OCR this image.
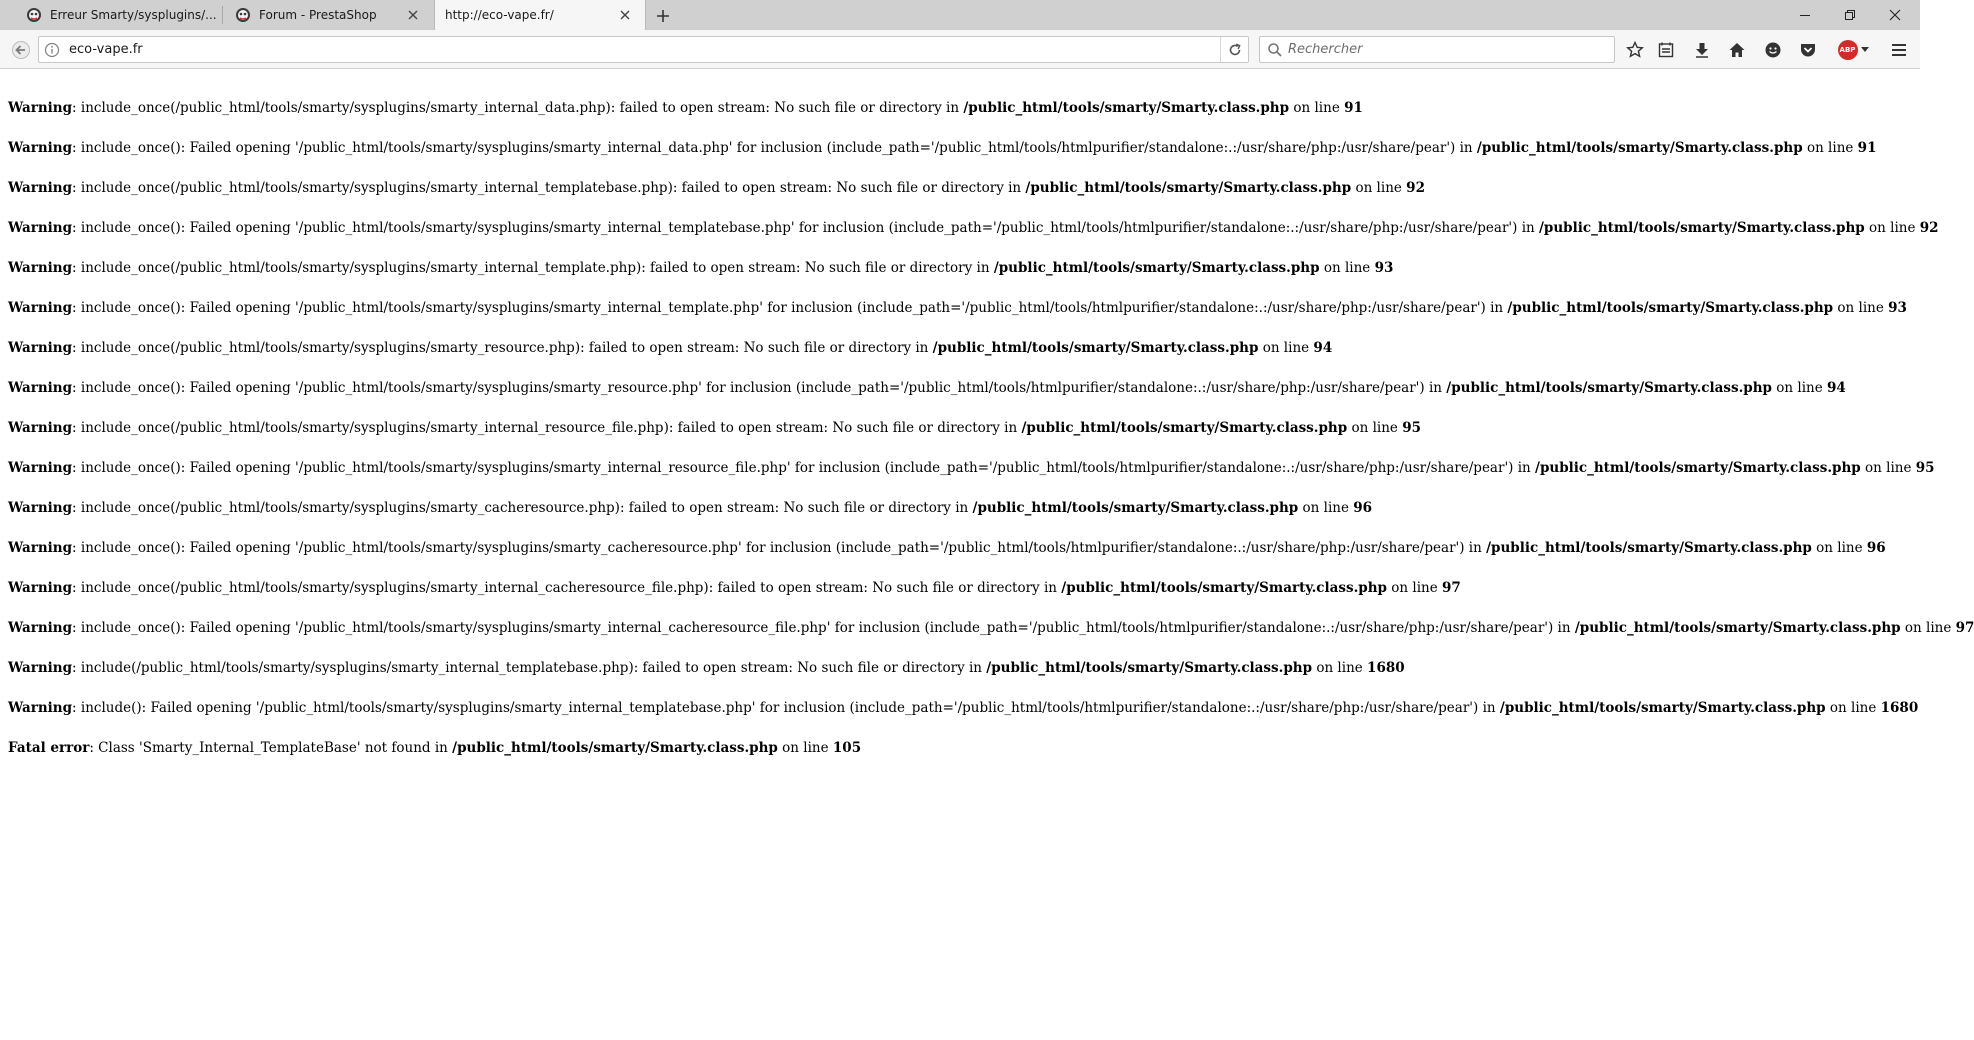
Erreur Smarty/sysplugins/...	Forum - PrestaShop	http://eco-vape.fr/
eco-vape.fr
Rechercher	ABP
Warning: include_once(/public_html/tools/smarty/sysplugins/smarty_internal_data.php): failed to open stream: No such file or directory in /public_html/tools/smarty/Smarty.class.php on line 91
Warning: include_once(): Failed opening '/public_html/tools/smarty/sysplugins/smarty_internal_data.php' for inclusion (include_path='/public_html/tools/htmlpurifier/standalone:.:/usr/share/php:/usr/share/pear') in /public_html/tools/smarty/Smarty.class.php on line 91
Warning: include_once(/public_html/tools/smarty/sysplugins/smarty_internal_templatebase.php): failed to open stream: No such file or directory in /public_html/tools/smarty/Smarty.class.php on line 92
Warning: include_once(): Failed opening '/public_html/tools/smarty/sysplugins/smarty_internal_templatebase.php' for inclusion (include_path='/public_html/tools/htmlpurifier/standalone:.:/usr/share/php:/usr/share/pear') in /public_html/tools/smarty/Smarty.class.php on line 92
Warning: include_once(/public_html/tools/smarty/sysplugins/smarty_internal_template.php): failed to open stream: No such file or directory in /public_html/tools/smarty/Smarty.class.php on line 93
Warning: include_once(): Failed opening '/public_html/tools/smarty/sysplugins/smarty_internal_template.php' for inclusion (include_path='/public_html/tools/htmlpurifier/standalone:.:/usr/share/php:/usr/share/pear') in /public_html/tools/smarty/Smarty.class.php on line 93
Warning: include_once(/public_html/tools/smarty/sysplugins/smarty_resource.php): failed to open stream: No such file or directory in /public_html/tools/smarty/Smarty.class.php on line 94
Warning: include_once(): Failed opening '/public_html/tools/smarty/sysplugins/smarty_resource.php' for inclusion (include_path='/public_html/tools/htmlpurifier/standalone:.:/usr/share/php:/usr/share/pear') in /public_html/tools/smarty/Smarty.class.php on line 94
Warning: include_once(/public_html/tools/smarty/sysplugins/smarty_internal_resource_file.php): failed to open stream: No such file or directory in /public_html/tools/smarty/Smarty.class.php on line 95
Warning: include_once(): Failed opening '/public_html/tools/smarty/sysplugins/smarty_internal_resource_file.php' for inclusion (include_path='/public_html/tools/htmlpurifier/standalone:.:/usr/share/php:/usr/share/pear') in /public_html/tools/smarty/Smarty.class.php on line 95
Warning: include_once(/public_html/tools/smarty/sysplugins/smarty_cacheresource.php): failed to open stream: No such file or directory in /public_html/tools/smarty/Smarty.class.php on line 96
Warning: include_once(): Failed opening '/public_html/tools/smarty/sysplugins/smarty_cacheresource.php' for inclusion (include_path='/public_html/tools/htmlpurifier/standalone:.:/usr/share/php:/usr/share/pear') in /public_html/tools/smarty/Smarty.class.php on line 96
Warning: include_once(/public_html/tools/smarty/sysplugins/smarty_internal_cacheresource_file.php): failed to open stream: No such file or directory in /public_html/tools/smarty/Smarty.class.php on line 97
Warning: include_once(): Failed opening '/public_html/tools/smarty/sysplugins/smarty_internal_cacheresource_file.php' for inclusion (include_path='/public_html/tools/htmlpurifier/standalone:.:/usr/share/php:/usr/share/pear') in /public_html/tools/smarty/Smarty.class.php on line 97
Warning: include(/public_html/tools/smarty/sysplugins/smarty_internal_templatebase.php): failed to open stream: No such file or directory in /public_html/tools/smarty/Smarty.class.php on line 1680
Warning: include(): Failed opening '/public_html/tools/smarty/sysplugins/smarty_internal_templatebase.php' for inclusion (include_path='/public_html/tools/htmlpurifier/standalone:.:/usr/share/php:/usr/share/pear') in /public_html/tools/smarty/Smarty.class.php on line 1680
Fatal error: Class 'Smarty_Internal_TemplateBase' not found in /public_html/tools/smarty/Smarty.class.php on line 105
